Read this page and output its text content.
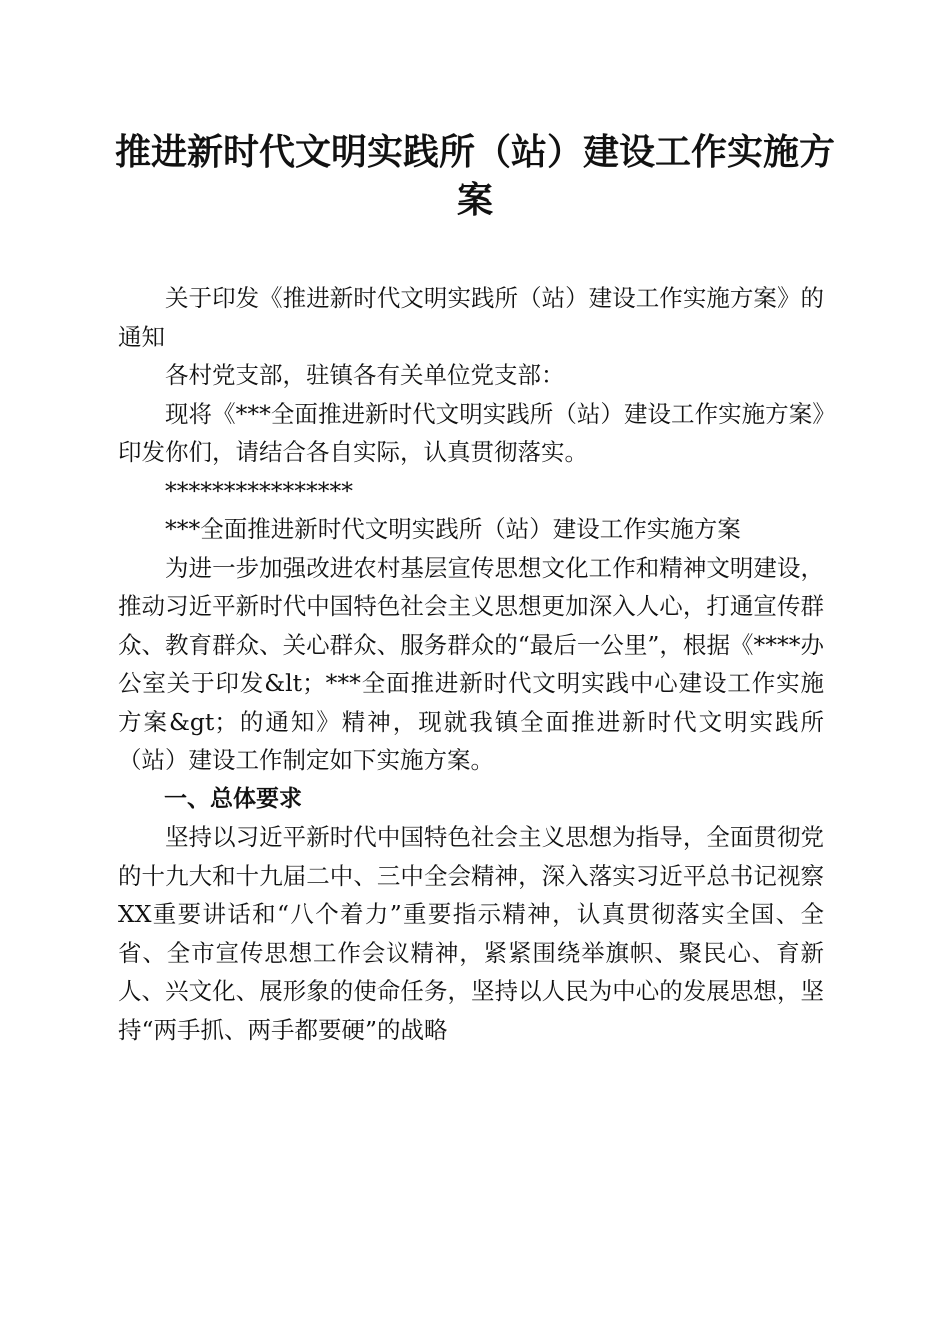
推进新时代文明实践所（站）建设工作实施方案

关于印发《推进新时代文明实践所（站）建设工作实施方案》的通知

各村党支部，驻镇各有关单位党支部：

现将《***全面推进新时代文明实践所（站）建设工作实施方案》印发你们，请结合各自实际，认真贯彻落实。

****************

***全面推进新时代文明实践所（站）建设工作实施方案

为进一步加强改进农村基层宣传思想文化工作和精神文明建设，推动习近平新时代中国特色社会主义思想更加深入人心，打通宣传群众、教育群众、关心群众、服务群众的“最后一公里”，根据《****办公室关于印发&lt；***全面推进新时代文明实践中心建设工作实施方案&gt；的通知》精神，现就我镇全面推进新时代文明实践所（站）建设工作制定如下实施方案。

一、总体要求

坚持以习近平新时代中国特色社会主义思想为指导，全面贯彻党的十九大和十九届二中、三中全会精神，深入落实习近平总书记视察XX重要讲话和“八个着力”重要指示精神，认真贯彻落实全国、全省、全市宣传思想工作会议精神，紧紧围绕举旗帜、聚民心、育新人、兴文化、展形象的使命任务，坚持以人民为中心的发展思想，坚持“两手抓、两手都要硬”的战略
